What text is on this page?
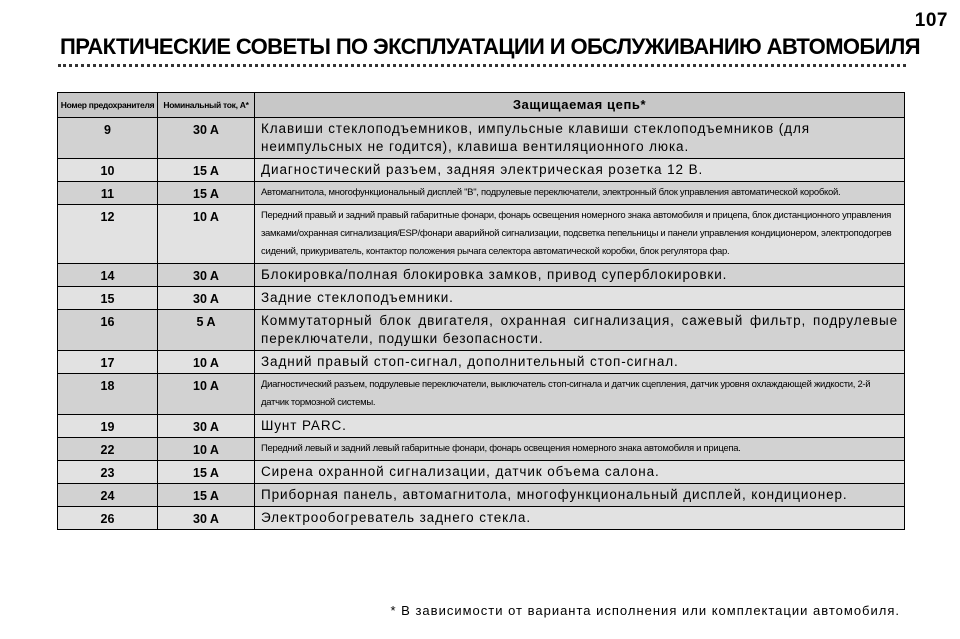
107
ПРАКТИЧЕСКИЕ СОВЕТЫ ПО ЭКСПЛУАТАЦИИ И ОБСЛУЖИВАНИЮ АВТОМОБИЛЯ
Номер предохранителя	Номинальный ток, A*	Защищаемая цепь*
9	30 A	Клавиши стеклоподъемников, импульсные клавиши стеклоподъемников (для неимпульсных не годится), клавиша вентиляционного люка.
10	15 A	Диагностический разъем, задняя электрическая розетка 12 В.
11	15 A	Автомагнитола, многофункциональный дисплей "B", подрулевые переключатели, электронный блок управления автоматической коробкой.
12	10 A	Передний правый и задний правый габаритные фонари, фонарь освещения номерного знака автомобиля и прицепа, блок дистанционного управления замками/охранная сигнализация/ESP/фонари аварийной сигнализации, подсветка пепельницы и панели управления кондиционером, электроподогрев сидений, прикуриватель, контактор положения рычага селектора автоматической коробки, блок регулятора фар.
14	30 A	Блокировка/полная блокировка замков, привод суперблокировки.
15	30 A	Задние стеклоподъемники.
16	5 A	Коммутаторный блок двигателя, охранная сигнализация, сажевый фильтр, подрулевые переключатели, подушки безопасности.
17	10 A	Задний правый стоп-сигнал, дополнительный стоп-сигнал.
18	10 A	Диагностический разъем, подрулевые переключатели, выключатель стоп-сигнала и датчик сцепления, датчик уровня охлаждающей жидкости, 2-й датчик тормозной системы.
19	30 A	Шунт PARC.
22	10 A	Передний левый и задний левый габаритные фонари, фонарь освещения номерного знака автомобиля и прицепа.
23	15 A	Сирена охранной сигнализации, датчик объема салона.
24	15 A	Приборная панель, автомагнитола, многофункциональный дисплей, кондиционер.
26	30 A	Электрообогреватель заднего стекла.
* В зависимости от варианта исполнения или комплектации автомобиля.
